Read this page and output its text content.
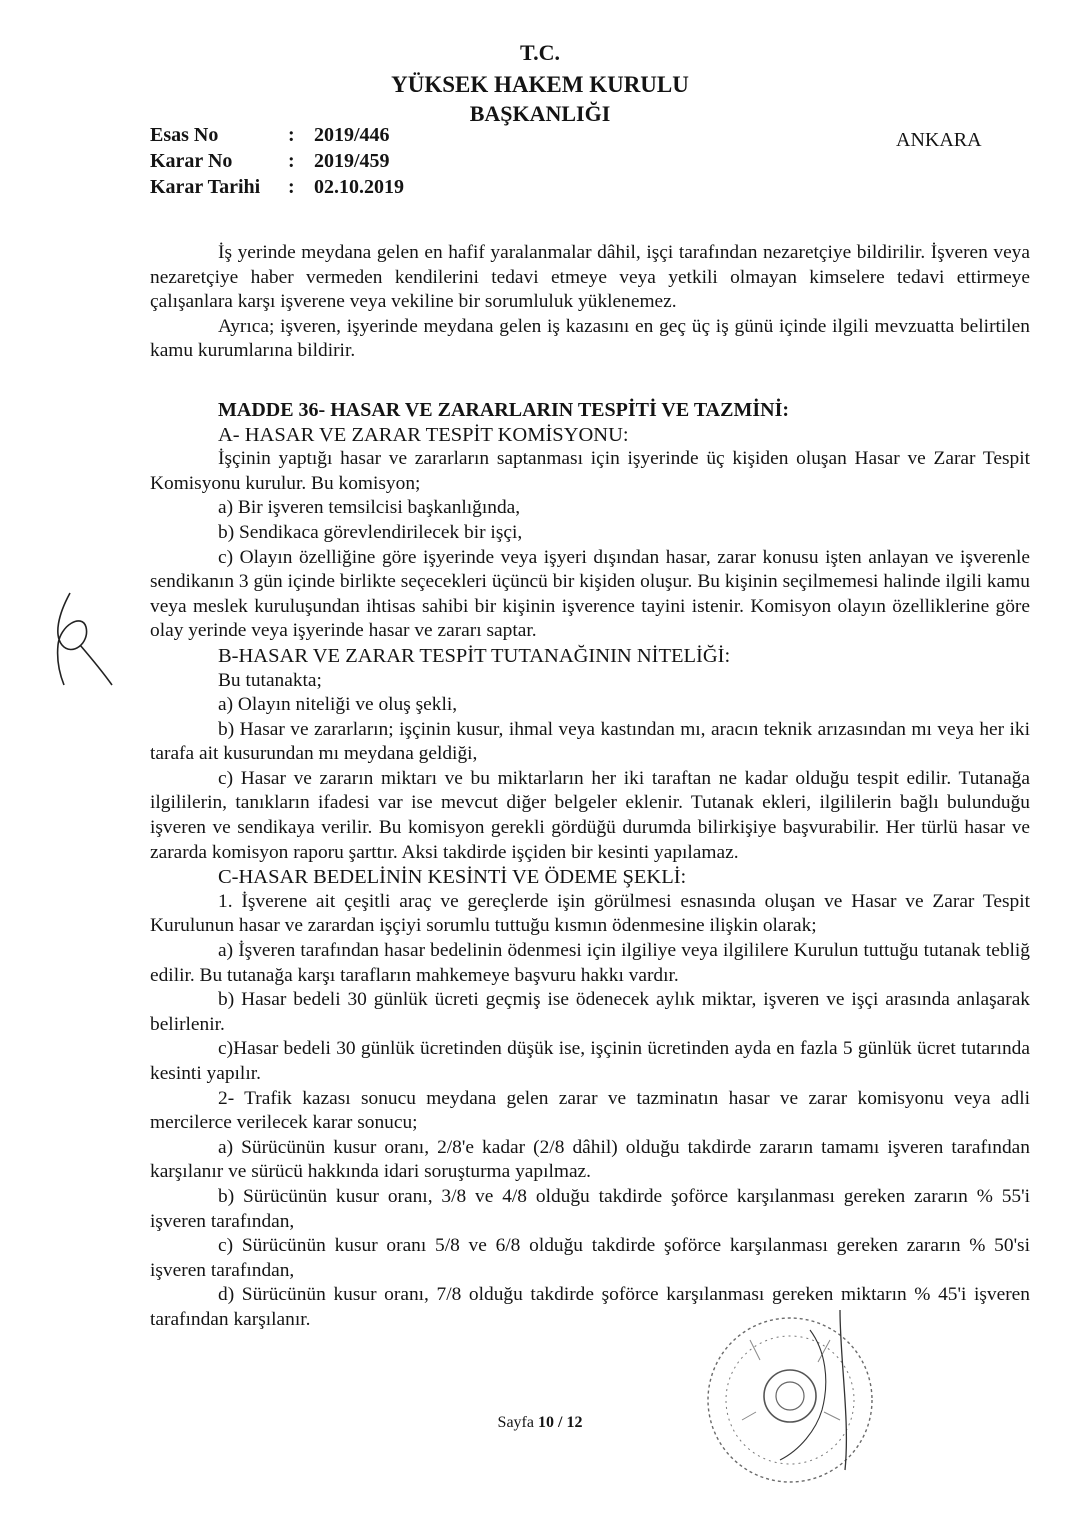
T.C.
YÜKSEK HAKEM KURULU
BAŞKANLIĞI
Esas No	: 2019/446
Karar No	: 2019/459
Karar Tarihi	: 02.10.2019
ANKARA
İş yerinde meydana gelen en hafif yaralanmalar dâhil, işçi tarafından nezaretçiye bildirilir. İşveren veya nezaretçiye haber vermeden kendilerini tedavi etmeye veya yetkili olmayan kimselere tedavi ettirmeye çalışanlara karşı işverene veya vekiline bir sorumluluk yüklenemez.
Ayrıca; işveren, işyerinde meydana gelen iş kazasını en geç üç iş günü içinde ilgili mevzuatta belirtilen kamu kurumlarına bildirir.
MADDE 36- HASAR VE ZARARLARIN TESPİTİ VE TAZMİNİ:
A- HASAR VE ZARAR TESPİT KOMİSYONU:
İşçinin yaptığı hasar ve zararların saptanması için işyerinde üç kişiden oluşan Hasar ve Zarar Tespit Komisyonu kurulur. Bu komisyon;
a) Bir işveren temsilcisi başkanlığında,
b) Sendikaca görevlendirilecek bir işçi,
c) Olayın özelliğine göre işyerinde veya işyeri dışından hasar, zarar konusu işten anlayan ve işverenle sendikanın 3 gün içinde birlikte seçecekleri üçüncü bir kişiden oluşur. Bu kişinin seçilmemesi halinde ilgili kamu veya meslek kuruluşundan ihtisas sahibi bir kişinin işverence tayini istenir. Komisyon olayın özelliklerine göre olay yerinde veya işyerinde hasar ve zararı saptar.
B-HASAR VE ZARAR TESPİT TUTANAĞININ NİTELİĞİ:
Bu tutanakta;
a) Olayın niteliği ve oluş şekli,
b) Hasar ve zararların; işçinin kusur, ihmal veya kastından mı, aracın teknik arızasından mı veya her iki tarafa ait kusurundan mı meydana geldiği,
c) Hasar ve zararın miktarı ve bu miktarların her iki taraftan ne kadar olduğu tespit edilir. Tutanağa ilgililerin, tanıkların ifadesi var ise mevcut diğer belgeler eklenir. Tutanak ekleri, ilgililerin bağlı bulunduğu işveren ve sendikaya verilir. Bu komisyon gerekli gördüğü durumda bilirkişiye başvurabilir. Her türlü hasar ve zararda komisyon raporu şarttır. Aksi takdirde işçiden bir kesinti yapılamaz.
C-HASAR BEDELİNİN KESİNTİ VE ÖDEME ŞEKLİ:
1. İşverene ait çeşitli araç ve gereçlerde işin görülmesi esnasında oluşan ve Hasar ve Zarar Tespit Kurulunun hasar ve zarardan işçiyi sorumlu tuttuğu kısmın ödenmesine ilişkin olarak;
a) İşveren tarafından hasar bedelinin ödenmesi için ilgiliye veya ilgililere Kurulun tuttuğu tutanak tebliğ edilir. Bu tutanağa karşı tarafların mahkemeye başvuru hakkı vardır.
b) Hasar bedeli 30 günlük ücreti geçmiş ise ödenecek aylık miktar, işveren ve işçi arasında anlaşarak belirlenir.
c)Hasar bedeli 30 günlük ücretinden düşük ise, işçinin ücretinden ayda en fazla 5 günlük ücret tutarında kesinti yapılır.
2- Trafik kazası sonucu meydana gelen zarar ve tazminatın hasar ve zarar komisyonu veya adli mercilerce verilecek karar sonucu;
a) Sürücünün kusur oranı, 2/8'e kadar (2/8 dâhil) olduğu takdirde zararın tamamı işveren tarafından karşılanır ve sürücü hakkında idari soruşturma yapılmaz.
b) Sürücünün kusur oranı, 3/8 ve 4/8 olduğu takdirde şoförce karşılanması gereken zararın % 55'i işveren tarafından,
c) Sürücünün kusur oranı 5/8 ve 6/8 olduğu takdirde şoförce karşılanması gereken zararın % 50'si işveren tarafından,
d) Sürücünün kusur oranı, 7/8 olduğu takdirde şoförce karşılanması gereken miktarın % 45'i işveren tarafından karşılanır.
Sayfa 10 / 12
